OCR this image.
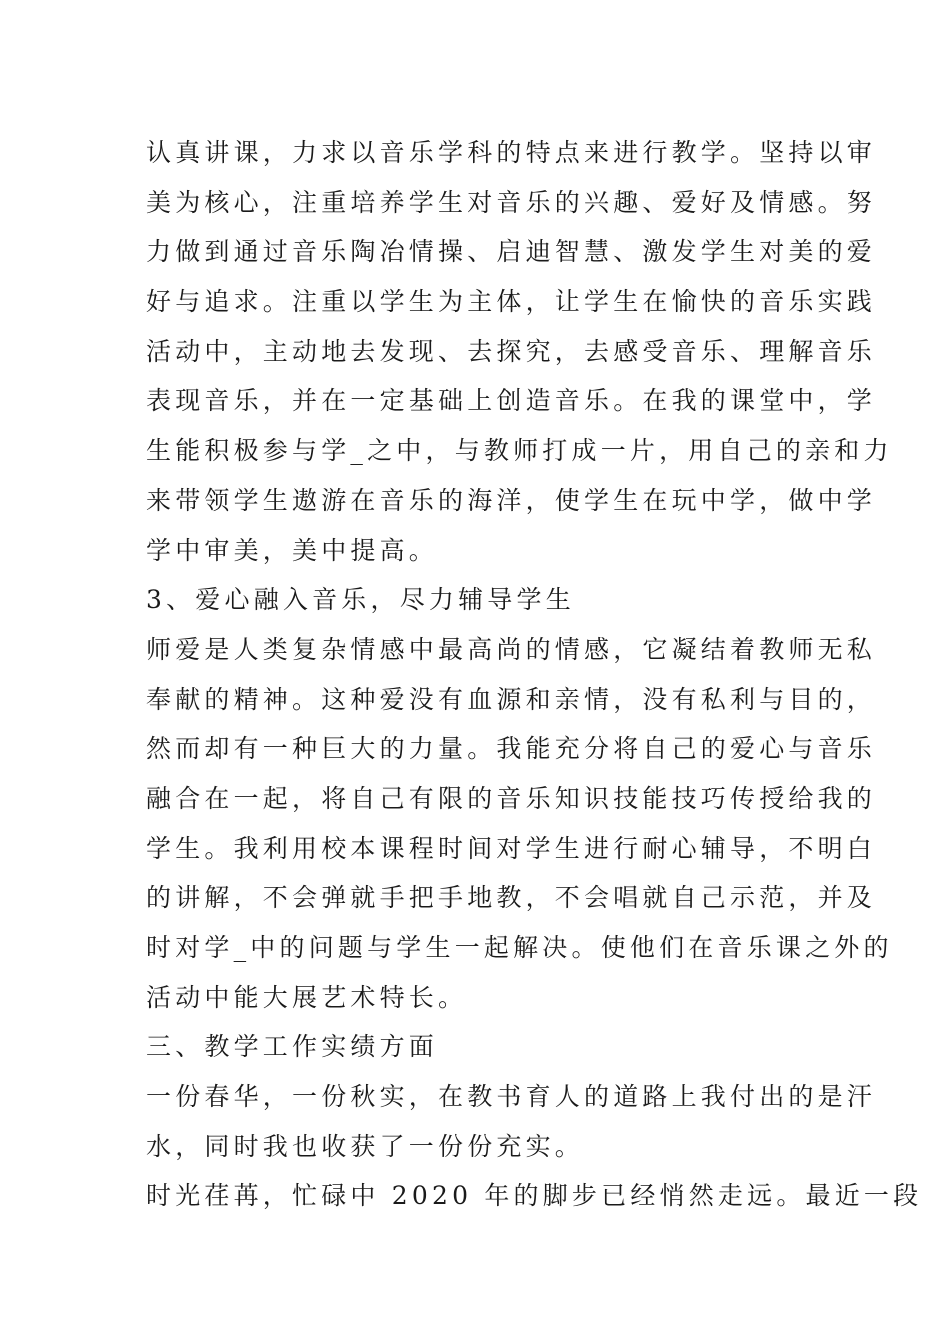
认真讲课，力求以音乐学科的特点来进行教学。坚持以审
美为核心，注重培养学生对音乐的兴趣、爱好及情感。努
力做到通过音乐陶冶情操、启迪智慧、激发学生对美的爱
好与追求。注重以学生为主体，让学生在愉快的音乐实践
活动中，主动地去发现、去探究，去感受音乐、理解音乐
表现音乐，并在一定基础上创造音乐。在我的课堂中，学
生能积极参与学_之中，与教师打成一片，用自己的亲和力
来带领学生遨游在音乐的海洋，使学生在玩中学，做中学
学中审美，美中提高。
3、爱心融入音乐，尽力辅导学生
师爱是人类复杂情感中最高尚的情感，它凝结着教师无私
奉献的精神。这种爱没有血源和亲情，没有私利与目的，
然而却有一种巨大的力量。我能充分将自己的爱心与音乐
融合在一起，将自己有限的音乐知识技能技巧传授给我的
学生。我利用校本课程时间对学生进行耐心辅导，不明白
的讲解，不会弹就手把手地教，不会唱就自己示范，并及
时对学_中的问题与学生一起解决。使他们在音乐课之外的
活动中能大展艺术特长。
三、教学工作实绩方面
一份春华，一份秋实，在教书育人的道路上我付出的是汗
水，同时我也收获了一份份充实。
时光荏苒，忙碌中 2020 年的脚步已经悄然走远。最近一段
